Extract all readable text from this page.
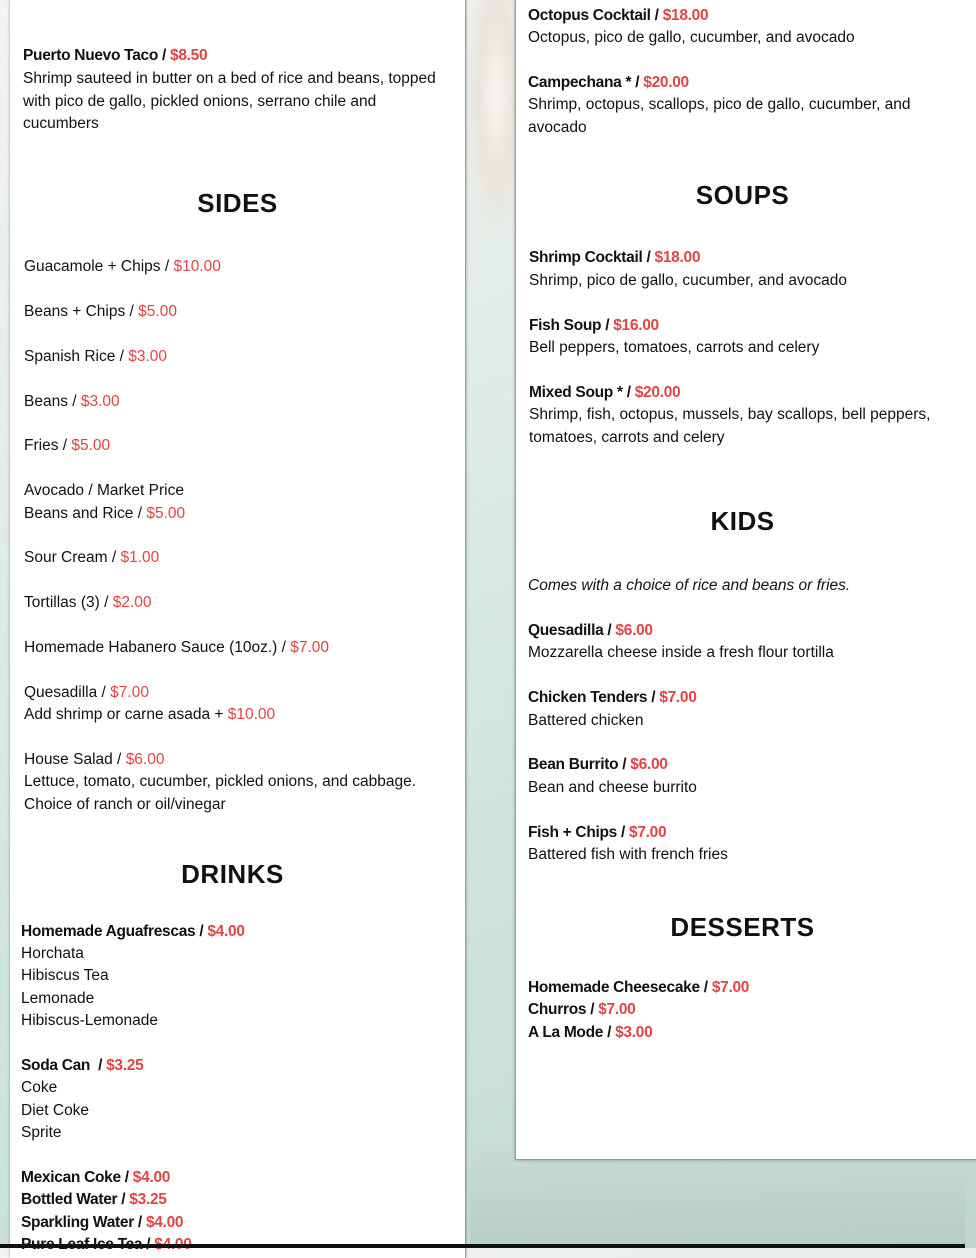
Puerto Nuevo Taco / $8.50
Shrimp sauteed in butter on a bed of rice and beans, topped with pico de gallo, pickled onions, serrano chile and cucumbers
SIDES
Guacamole + Chips / $10.00
Beans + Chips / $5.00
Spanish Rice / $3.00
Beans / $3.00
Fries / $5.00
Avocado / Market Price
Beans and Rice / $5.00
Sour Cream / $1.00
Tortillas (3) / $2.00
Homemade Habanero Sauce (10oz.) / $7.00
Quesadilla / $7.00
Add shrimp or carne asada + $10.00
House Salad / $6.00
Lettuce, tomato, cucumber, pickled onions, and cabbage.
Choice of ranch or oil/vinegar
DRINKS
Homemade Aguafrescas / $4.00
Horchata
Hibiscus Tea
Lemonade
Hibiscus-Lemonade
Soda Can  / $3.25
Coke
Diet Coke
Sprite
Mexican Coke / $4.00
Bottled Water / $3.25
Sparkling Water / $4.00
Octopus Cocktail / $18.00
Octopus, pico de gallo, cucumber, and avocado
Campechana * / $20.00
Shrimp, octopus, scallops, pico de gallo, cucumber, and avocado
SOUPS
Shrimp Cocktail / $18.00
Shrimp, pico de gallo, cucumber, and avocado
Fish Soup / $16.00
Bell peppers, tomatoes, carrots and celery
Mixed Soup * / $20.00
Shrimp, fish, octopus, mussels, bay scallops, bell peppers, tomatoes, carrots and celery
KIDS
Comes with a choice of rice and beans or fries.
Quesadilla / $6.00
Mozzarella cheese inside a fresh flour tortilla
Chicken Tenders / $7.00
Battered chicken
Bean Burrito / $6.00
Bean and cheese burrito
Fish + Chips / $7.00
Battered fish with french fries
DESSERTS
Homemade Cheesecake / $7.00
Churros / $7.00
A La Mode / $3.00
